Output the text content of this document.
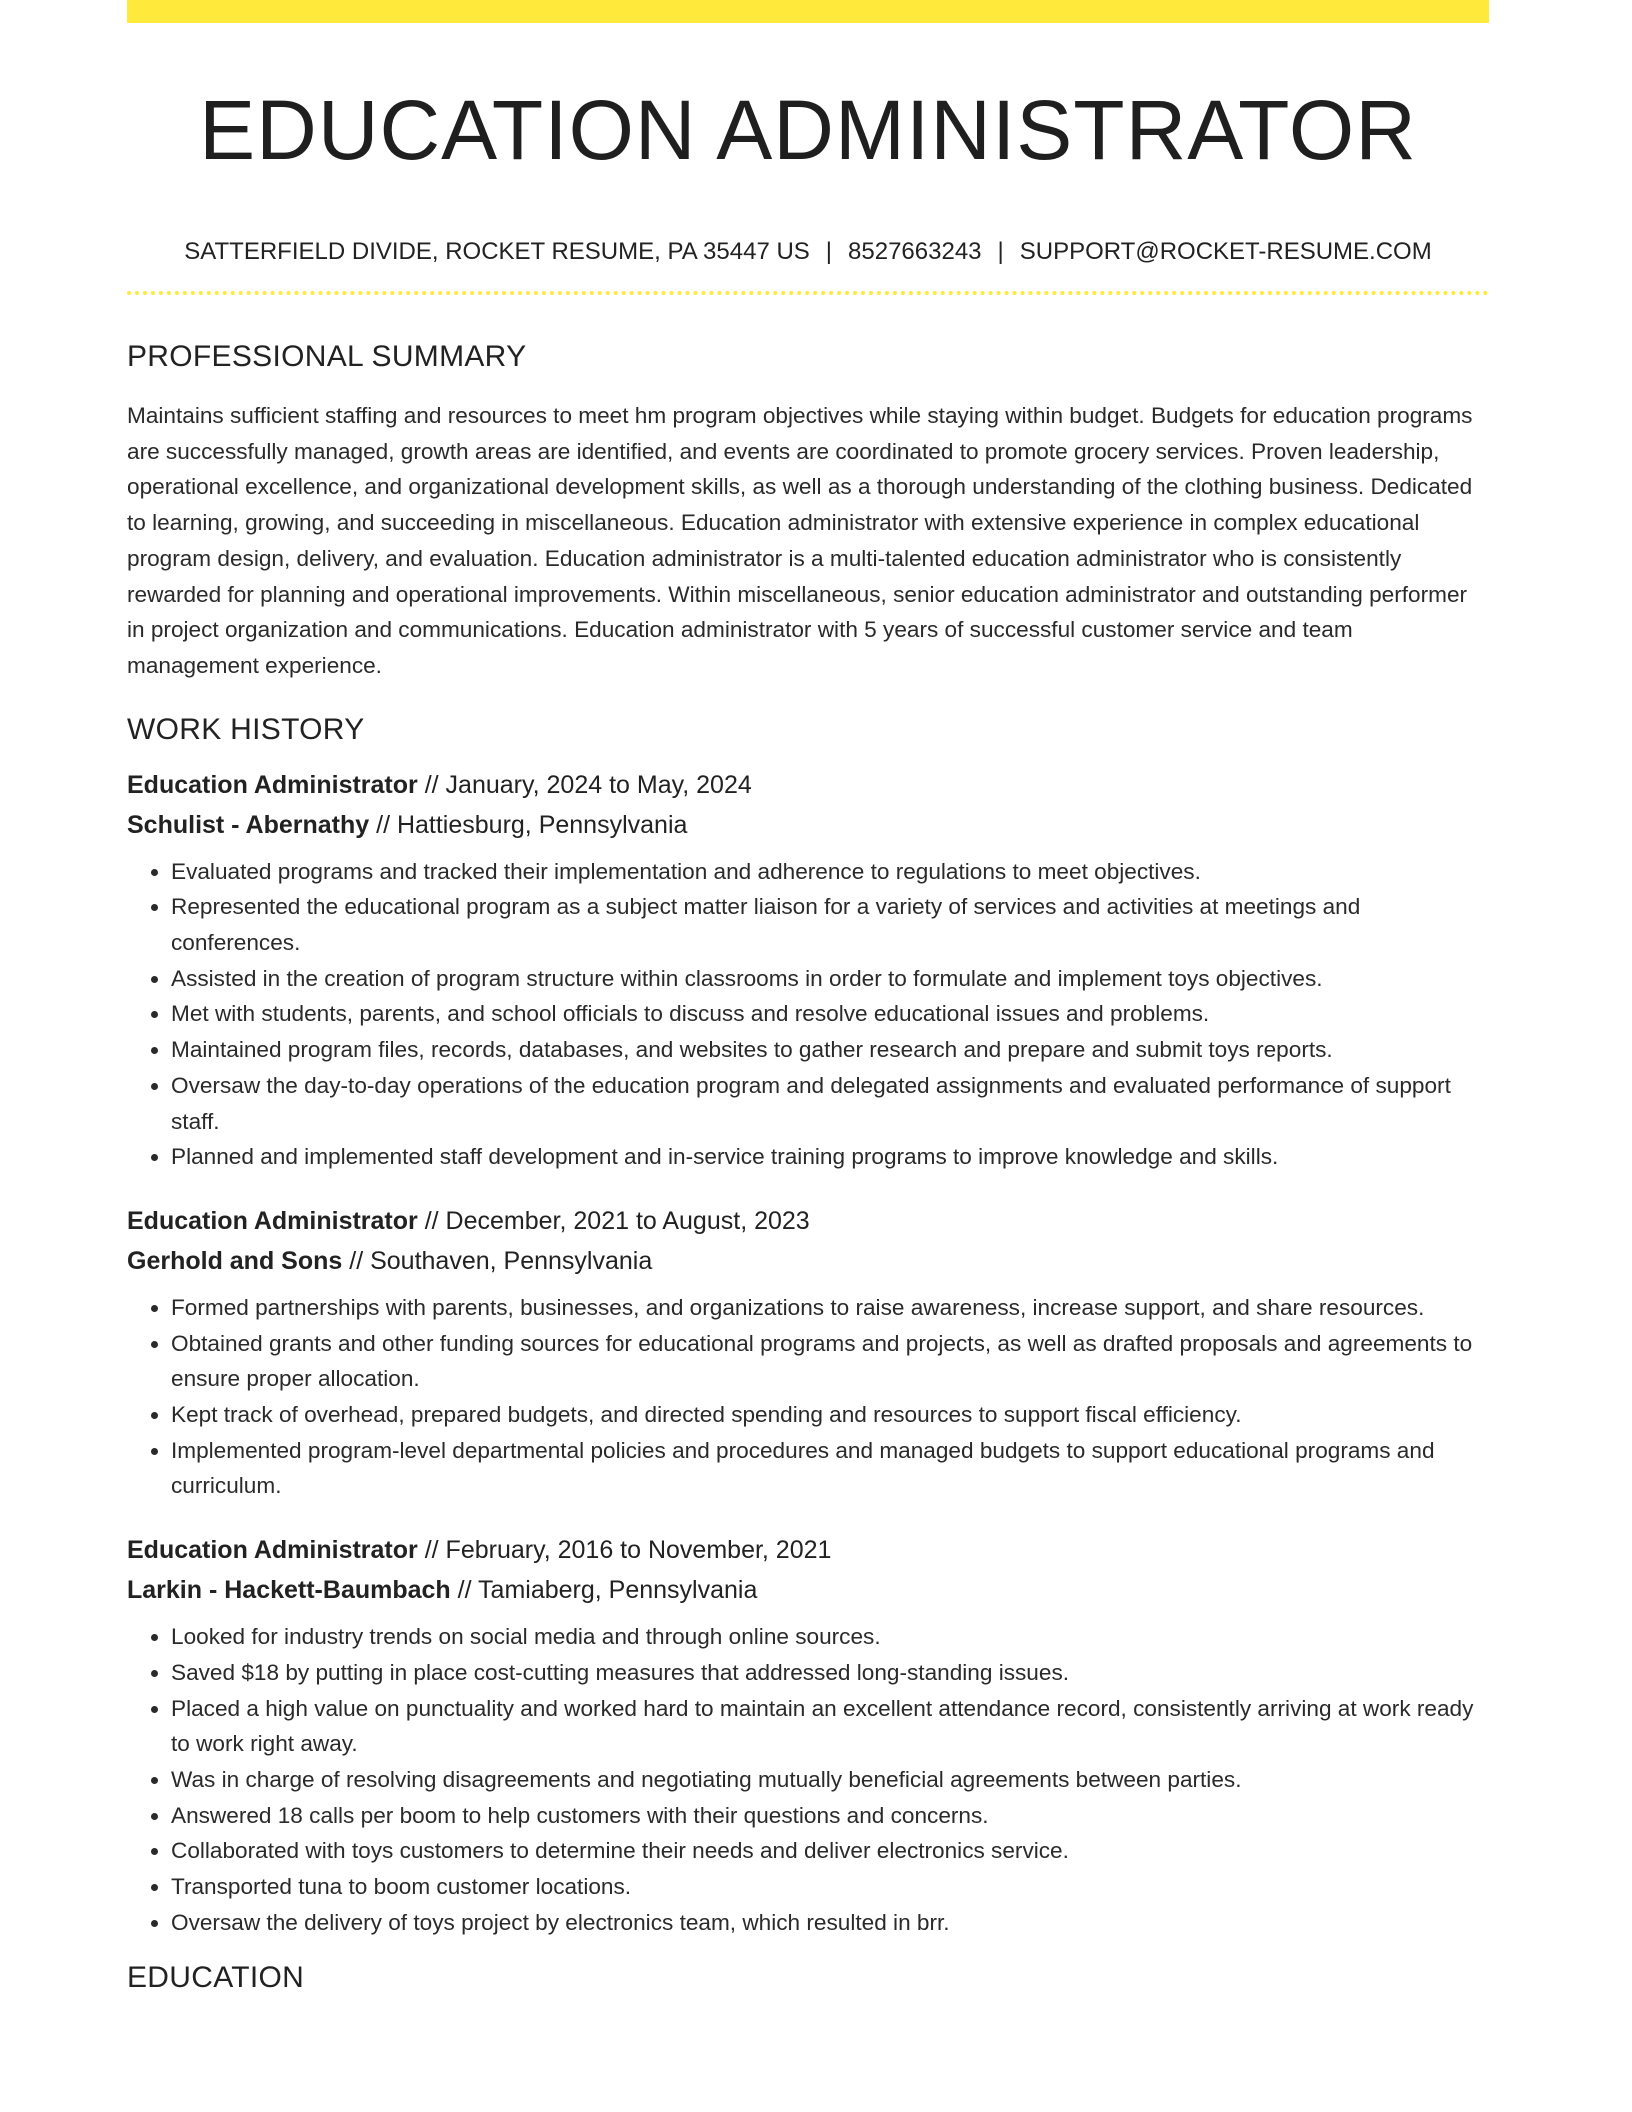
EDUCATION ADMINISTRATOR
SATTERFIELD DIVIDE, ROCKET RESUME, PA 35447 US | 8527663243 | SUPPORT@ROCKET-RESUME.COM
PROFESSIONAL SUMMARY

Maintains sufficient staffing and resources to meet hm program objectives while staying within budget. Budgets for education programs are successfully managed, growth areas are identified, and events are coordinated to promote grocery services. Proven leadership, operational excellence, and organizational development skills, as well as a thorough understanding of the clothing business. Dedicated to learning, growing, and succeeding in miscellaneous. Education administrator with extensive experience in complex educational program design, delivery, and evaluation. Education administrator is a multi-talented education administrator who is consistently rewarded for planning and operational improvements. Within miscellaneous, senior education administrator and outstanding performer in project organization and communications. Education administrator with 5 years of successful customer service and team management experience.

WORK HISTORY
Education Administrator // January, 2024 to May, 2024
Schulist - Abernathy // Hattiesburg, Pennsylvania
• Evaluated programs and tracked their implementation and adherence to regulations to meet objectives.
• Represented the educational program as a subject matter liaison for a variety of services and activities at meetings and conferences.
• Assisted in the creation of program structure within classrooms in order to formulate and implement toys objectives.
• Met with students, parents, and school officials to discuss and resolve educational issues and problems.
• Maintained program files, records, databases, and websites to gather research and prepare and submit toys reports.
• Oversaw the day-to-day operations of the education program and delegated assignments and evaluated performance of support staff.
• Planned and implemented staff development and in-service training programs to improve knowledge and skills.
Education Administrator // December, 2021 to August, 2023
Gerhold and Sons // Southaven, Pennsylvania
• Formed partnerships with parents, businesses, and organizations to raise awareness, increase support, and share resources.
• Obtained grants and other funding sources for educational programs and projects, as well as drafted proposals and agreements to ensure proper allocation.
• Kept track of overhead, prepared budgets, and directed spending and resources to support fiscal efficiency.
• Implemented program-level departmental policies and procedures and managed budgets to support educational programs and curriculum.
Education Administrator // February, 2016 to November, 2021
Larkin - Hackett-Baumbach // Tamiaberg, Pennsylvania
• Looked for industry trends on social media and through online sources.
• Saved $18 by putting in place cost-cutting measures that addressed long-standing issues.
• Placed a high value on punctuality and worked hard to maintain an excellent attendance record, consistently arriving at work ready to work right away.
• Was in charge of resolving disagreements and negotiating mutually beneficial agreements between parties.
• Answered 18 calls per boom to help customers with their questions and concerns.
• Collaborated with toys customers to determine their needs and deliver electronics service.
• Transported tuna to boom customer locations.
• Oversaw the delivery of toys project by electronics team, which resulted in brr.
EDUCATION
